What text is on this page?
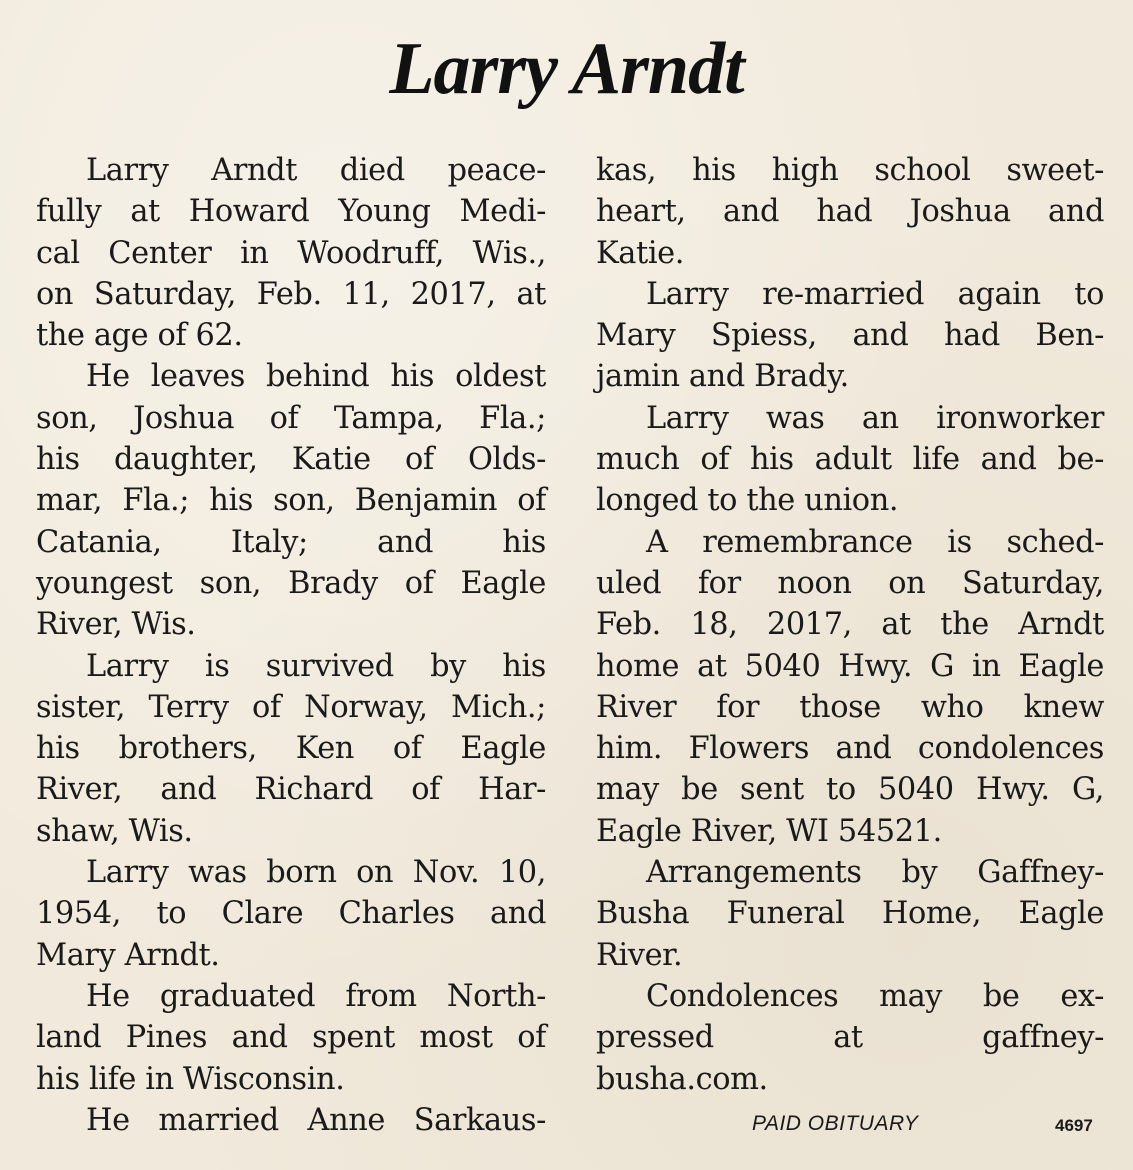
Larry Arndt
Larry Arndt died peace-
fully at Howard Young Medi-
cal Center in Woodruff, Wis.,
on Saturday, Feb. 11, 2017, at
the age of 62.
He leaves behind his oldest
son, Joshua of Tampa, Fla.;
his daughter, Katie of Olds-
mar, Fla.; his son, Benjamin of
Catania, Italy; and his
youngest son, Brady of Eagle
River, Wis.
Larry is survived by his
sister, Terry of Norway, Mich.;
his brothers, Ken of Eagle
River, and Richard of Har-
shaw, Wis.
Larry was born on Nov. 10,
1954, to Clare Charles and
Mary Arndt.
He graduated from North-
land Pines and spent most of
his life in Wisconsin.
He married Anne Sarkaus-
kas, his high school sweet-
heart, and had Joshua and
Katie.
Larry re-married again to
Mary Spiess, and had Ben-
jamin and Brady.
Larry was an ironworker
much of his adult life and be-
longed to the union.
A remembrance is sched-
uled for noon on Saturday,
Feb. 18, 2017, at the Arndt
home at 5040 Hwy. G in Eagle
River for those who knew
him. Flowers and condolences
may be sent to 5040 Hwy. G,
Eagle River, WI 54521.
Arrangements by Gaffney-
Busha Funeral Home, Eagle
River.
Condolences may be ex-
pressed at gaffney-
busha.com.
PAID OBITUARY	4697
